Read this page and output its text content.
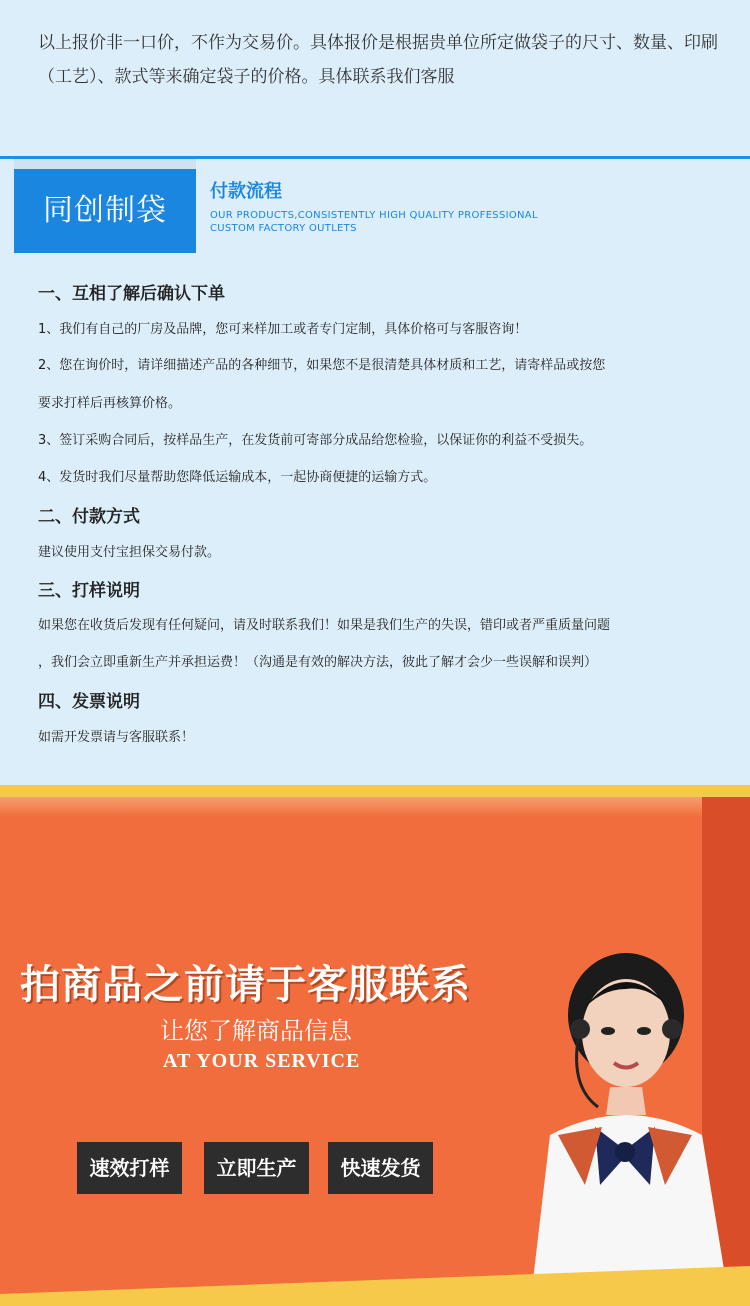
以上报价非一口价，不作为交易价。具体报价是根据贵单位所定做袋子的尺寸、数量、印刷（工艺）、款式等来确定袋子的价格。具体联系我们客服

同创制袋
付款流程
OUR PRODUCTS,CONSISTENTLY HIGH QUALITY PROFESSIONAL
CUSTOM FACTORY OUTLETS
一、互相了解后确认下单
1、我们有自己的厂房及品牌，您可来样加工或者专门定制，具体价格可与客服咨询！
2、您在询价时，请详细描述产品的各种细节，如果您不是很清楚具体材质和工艺，请寄样品或按您
要求打样后再核算价格。
3、签订采购合同后，按样品生产，在发货前可寄部分成品给您检验，以保证你的利益不受损失。
4、发货时我们尽量帮助您降低运输成本，一起协商便捷的运输方式。
二、付款方式
建议使用支付宝担保交易付款。
三、打样说明
如果您在收货后发现有任何疑问，请及时联系我们！如果是我们生产的失误，错印或者严重质量问题
，我们会立即重新生产并承担运费！（沟通是有效的解决方法，彼此了解才会少一些误解和误判）
四、发票说明
如需开发票请与客服联系！
拍商品之前请于客服联系
让您了解商品信息
AT YOUR SERVICE
速效打样	立即生产	快速发货
